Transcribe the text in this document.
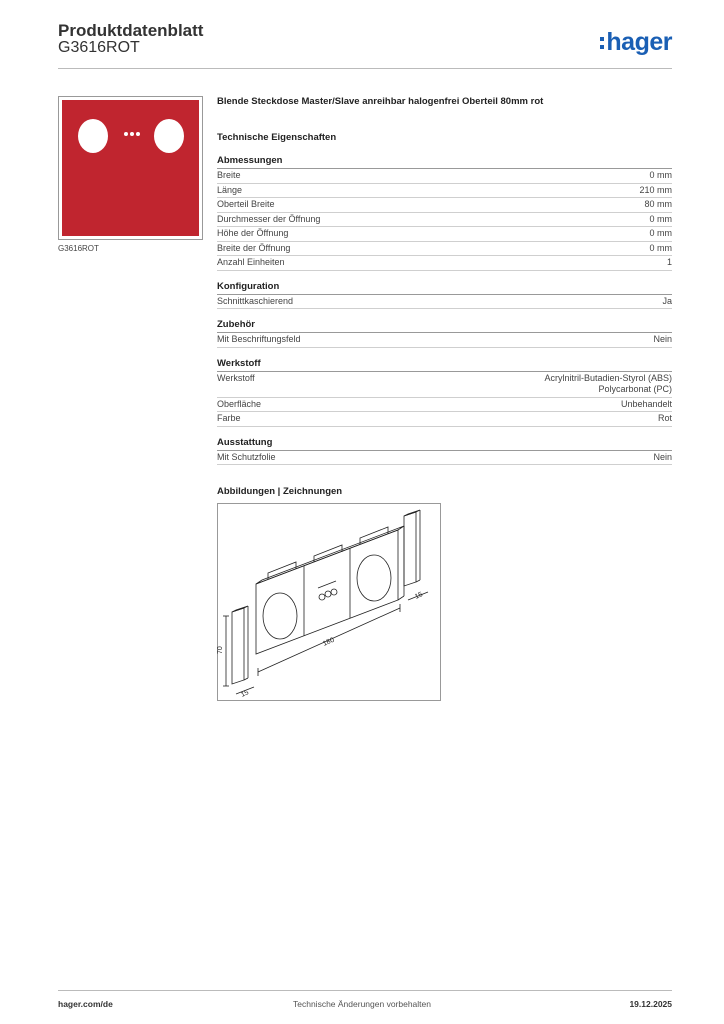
Produktdatenblatt
G3616ROT	hager
G3616ROT
Blende Steckdose Master/Slave anreihbar halogenfrei Oberteil 80mm rot
Technische Eigenschaften
Abmessungen
Breite	0 mm
Länge	210 mm
Oberteil Breite	80 mm
Durchmesser der Öffnung	0 mm
Höhe der Öffnung	0 mm
Breite der Öffnung	0 mm
Anzahl Einheiten	1
Konfiguration
Schnittkaschierend	Ja
Zubehör
Mit Beschriftungsfeld	Nein
Werkstoff
Werkstoff	Acrylnitril-Butadien-Styrol (ABS)
Polycarbonat (PC)
Oberfläche	Unbehandelt
Farbe	Rot
Ausstattung
Mit Schutzfolie	Nein
Abbildungen | Zeichnungen
70
180
15
15
hager.com/de	Technische Änderungen vorbehalten	19.12.2025
